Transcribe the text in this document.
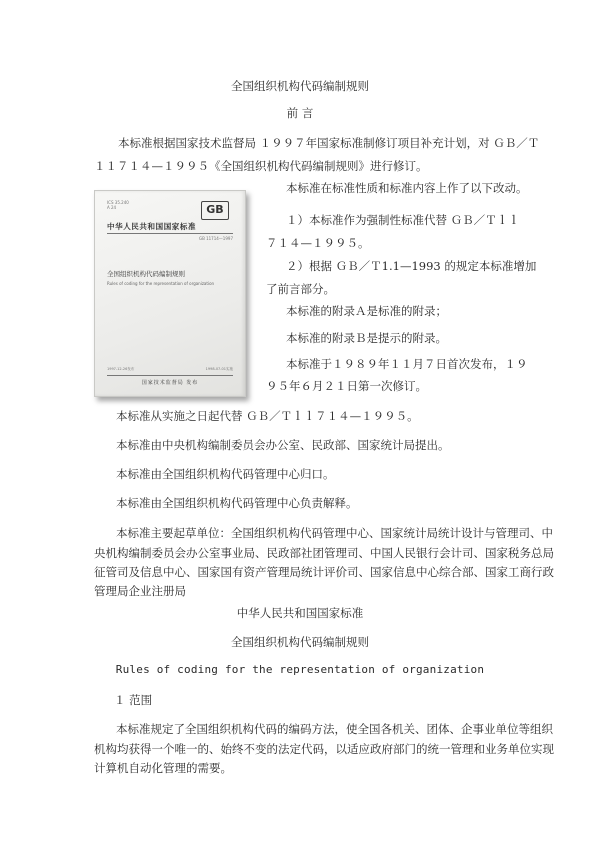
全国组织机构代码编制规则
前 言
本标准根据国家技术监督局 １９９７年国家标准制修订项目补充计划，对 ＧＢ／Ｔ
１１７１４—１９９５《全国组织机构代码编制规则》进行修订。
ICS 35.240
A 24	GB
中华人民共和国国家标准
GB 11714—1997
全国组织机构代码编制规则
Rules of coding for the representation of organization
1997-12-26发布	1998-07-01实施
国家技术监督局 发布
本标准在标准性质和标准内容上作了以下改动。
１）本标准作为强制性标准代替 ＧＢ／Ｔｌｌ
７１４—１９９５。
２）根据 ＧＢ／Ｔ1.1—1993 的规定本标准增加
了前言部分。
本标准的附录Ａ是标准的附录；
本标准的附录Ｂ是提示的附录。
本标准于１９８９年１１月７日首次发布，１９
９５年６月２１日第一次修订。
本标准从实施之日起代替 ＧＢ／Ｔｌｌ７１４—１９９５。
本标准由中央机构编制委员会办公室、民政部、国家统计局提出。
本标准由全国组织机构代码管理中心归口。
本标准由全国组织机构代码管理中心负责解释。
本标准主要起草单位：全国组织机构代码管理中心、国家统计局统计设计与管理司、中
央机构编制委员会办公室事业局、民政部社团管理司、中国人民银行会计司、国家税务总局
征管司及信息中心、国家国有资产管理局统计评价司、国家信息中心综合部、国家工商行政
管理局企业注册局
中华人民共和国国家标准
全国组织机构代码编制规则
Rules of coding for the representation of organization
１ 范围
本标准规定了全国组织机构代码的编码方法，使全国各机关、团体、企事业单位等组织
机构均获得一个唯一的、始终不变的法定代码，以适应政府部门的统一管理和业务单位实现
计算机自动化管理的需要。
